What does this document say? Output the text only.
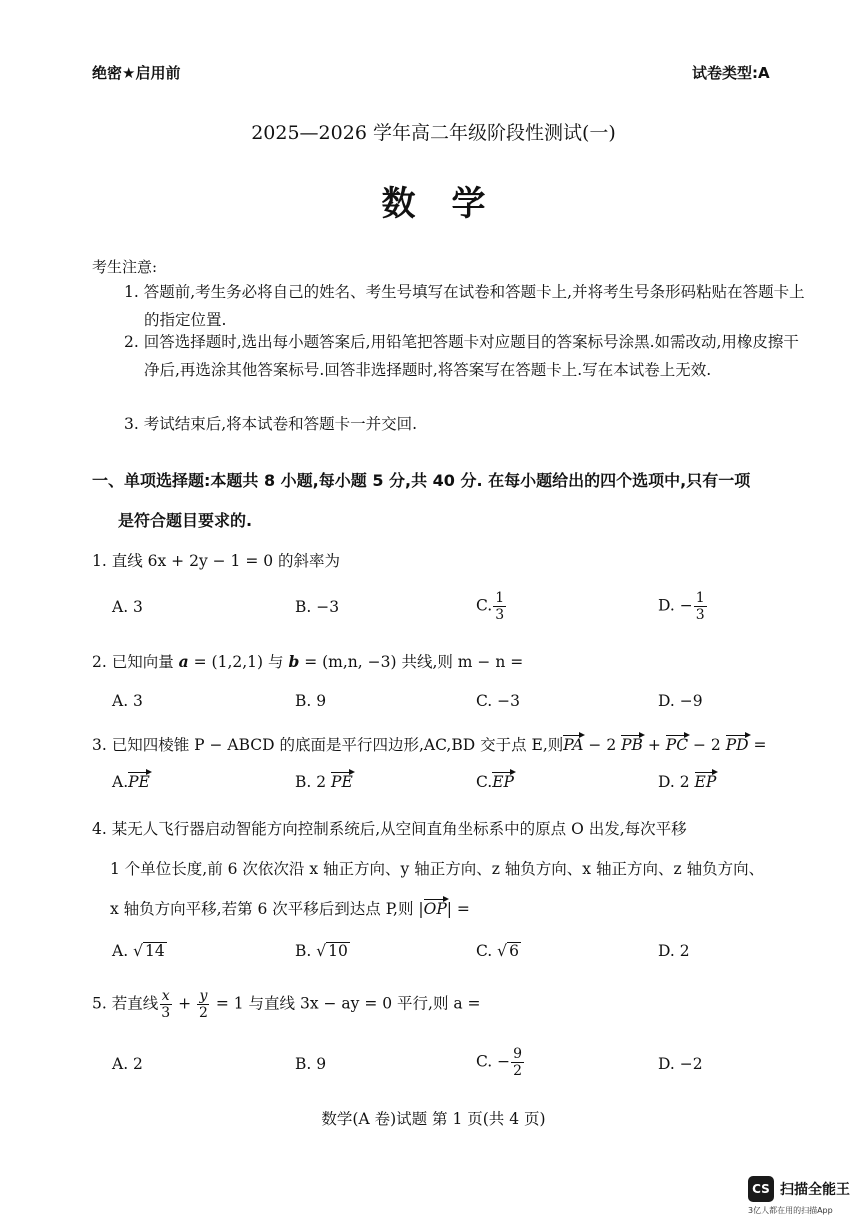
绝密★启用前	试卷类型:A
2025—2026 学年高二年级阶段性测试(一)
数学
考生注意:
1. 答题前,考生务必将自己的姓名、考生号填写在试卷和答题卡上,并将考生号条形码粘贴在答题卡上的指定位置.
2. 回答选择题时,选出每小题答案后,用铅笔把答题卡对应题目的答案标号涂黑.如需改动,用橡皮擦干净后,再选涂其他答案标号.回答非选择题时,将答案写在答题卡上.写在本试卷上无效.
3. 考试结束后,将本试卷和答题卡一并交回.
一、单项选择题:本题共 8 小题,每小题 5 分,共 40 分. 在每小题给出的四个选项中,只有一项
是符合题目要求的.
1. 直线 6x + 2y − 1 = 0 的斜率为
A. 3	B. −3	C. $\frac{1}{3}$	D. − $\frac{1}{3}$
2. 已知向量 a = (1,2,1) 与 b = (m,n, −3) 共线,则 m − n =
A. 3	B. 9	C. −3	D. −9
3. 已知四棱锥 P − ABCD 的底面是平行四边形,AC,BD 交于点 E,则PA − 2 PB + PC − 2 PD =
A.PE	B. 2 PE	C.EP	D. 2 EP
4. 某无人飞行器启动智能方向控制系统后,从空间直角坐标系中的原点 O 出发,每次平移
1 个单位长度,前 6 次依次沿 x 轴正方向、y 轴正方向、z 轴负方向、x 轴正方向、z 轴负方向、
x 轴负方向平移,若第 6 次平移后到达点 P,则 |OP| =
A. √ 14	B. √ 10	C. √ 6	D. 2
5. 若直线 $\frac{x}{3} + \frac{y}{2} = 1$ 与直线 3x − ay = 0 平行,则 a =
A. 2	B. 9	C. − $\frac{9}{2}$	D. −2
数学(A 卷)试题 第 1 页(共 4 页)
CS 扫描全能王
3亿人都在用的扫描App
